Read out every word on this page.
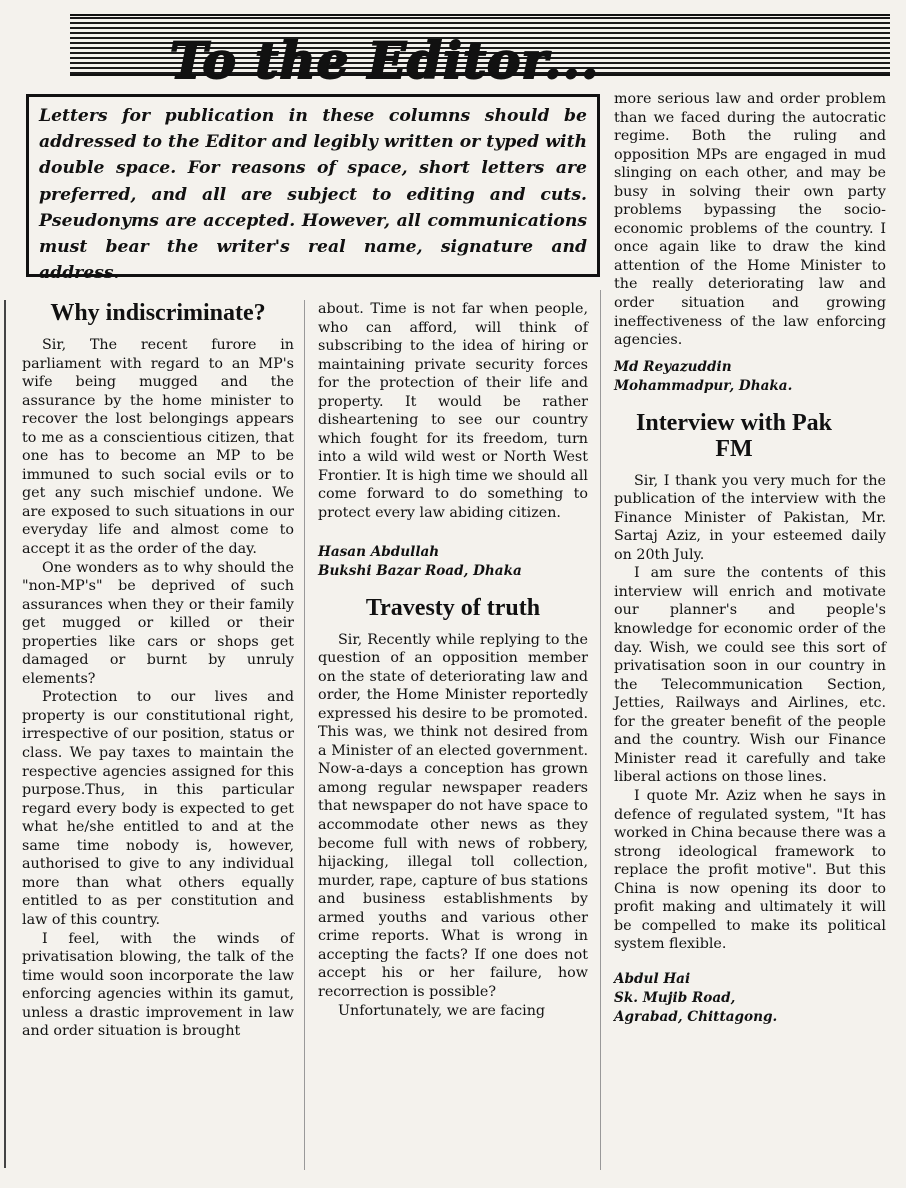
To the Editor...
Letters for publication in these columns should be addressed to the Editor and legibly written or typed with double space. For reasons of space, short letters are preferred, and all are subject to editing and cuts. Pseudonyms are accepted. However, all communications must bear the writer's real name, signature and address.
Why indiscriminate?

Sir, The recent furore in parliament with regard to an MP's wife being mugged and the assurance by the home minister to recover the lost belongings appears to me as a conscientious citizen, that one has to become an MP to be immuned to such social evils or to get any such mischief undone. We are exposed to such situations in our everyday life and almost come to accept it as the order of the day.

One wonders as to why should the "non-MP's" be deprived of such assurances when they or their family get mugged or killed or their properties like cars or shops get damaged or burnt by unruly elements?

Protection to our lives and property is our constitutional right, irrespective of our position, status or class. We pay taxes to maintain the respective agencies assigned for this purpose.Thus, in this particular regard every body is expected to get what he/she entitled to and at the same time nobody is, however, authorised to give to any individual more than what others equally entitled to as per constitution and law of this country.

I feel, with the winds of privatisation blowing, the talk of the time would soon incorporate the law enforcing agencies within its gamut, unless a drastic improvement in law and order situation is brought

about. Time is not far when people, who can afford, will think of subscribing to the idea of hiring or maintaining private security forces for the protection of their life and property. It would be rather disheartening to see our country which fought for its freedom, turn into a wild wild west or North West Frontier. It is high time we should all come forward to do something to protect every law abiding citizen.

Hasan Abdullah
Bukshi Bazar Road, Dhaka
Travesty of truth

Sir, Recently while replying to the question of an opposition member on the state of deteriorating law and order, the Home Minister reportedly expressed his desire to be promoted. This was, we think not desired from a Minister of an elected government. Now-a-days a conception has grown among regular newspaper readers that newspaper do not have space to accommodate other news as they become full with news of robbery, hijacking, illegal toll collection, murder, rape, capture of bus stations and business establishments by armed youths and various other crime reports. What is wrong in accepting the facts? If one does not accept his or her failure, how recorrection is possible?

Unfortunately, we are facing

more serious law and order problem than we faced during the autocratic regime. Both the ruling and opposition MPs are engaged in mud slinging on each other, and may be busy in solving their own party problems bypassing the socio-economic problems of the country. I once again like to draw the kind attention of the Home Minister to the really deteriorating law and order situation and growing ineffectiveness of the law enforcing agencies.

Md Reyazuddin
Mohammadpur, Dhaka.
Interview with Pak FM

Sir, I thank you very much for the publication of the interview with the Finance Minister of Pakistan, Mr. Sartaj Aziz, in your esteemed daily on 20th July.

I am sure the contents of this interview will enrich and motivate our planner's and people's knowledge for economic order of the day. Wish, we could see this sort of privatisation soon in our country in the Telecommunication Section, Jetties, Railways and Airlines, etc. for the greater benefit of the people and the country. Wish our Finance Minister read it carefully and take liberal actions on those lines.

I quote Mr. Aziz when he says in defence of regulated system, "It has worked in China because there was a strong ideological framework to replace the profit motive". But this China is now opening its door to profit making and ultimately it will be compelled to make its political system flexible.

Abdul Hai
Sk. Mujib Road,
Agrabad, Chittagong.
